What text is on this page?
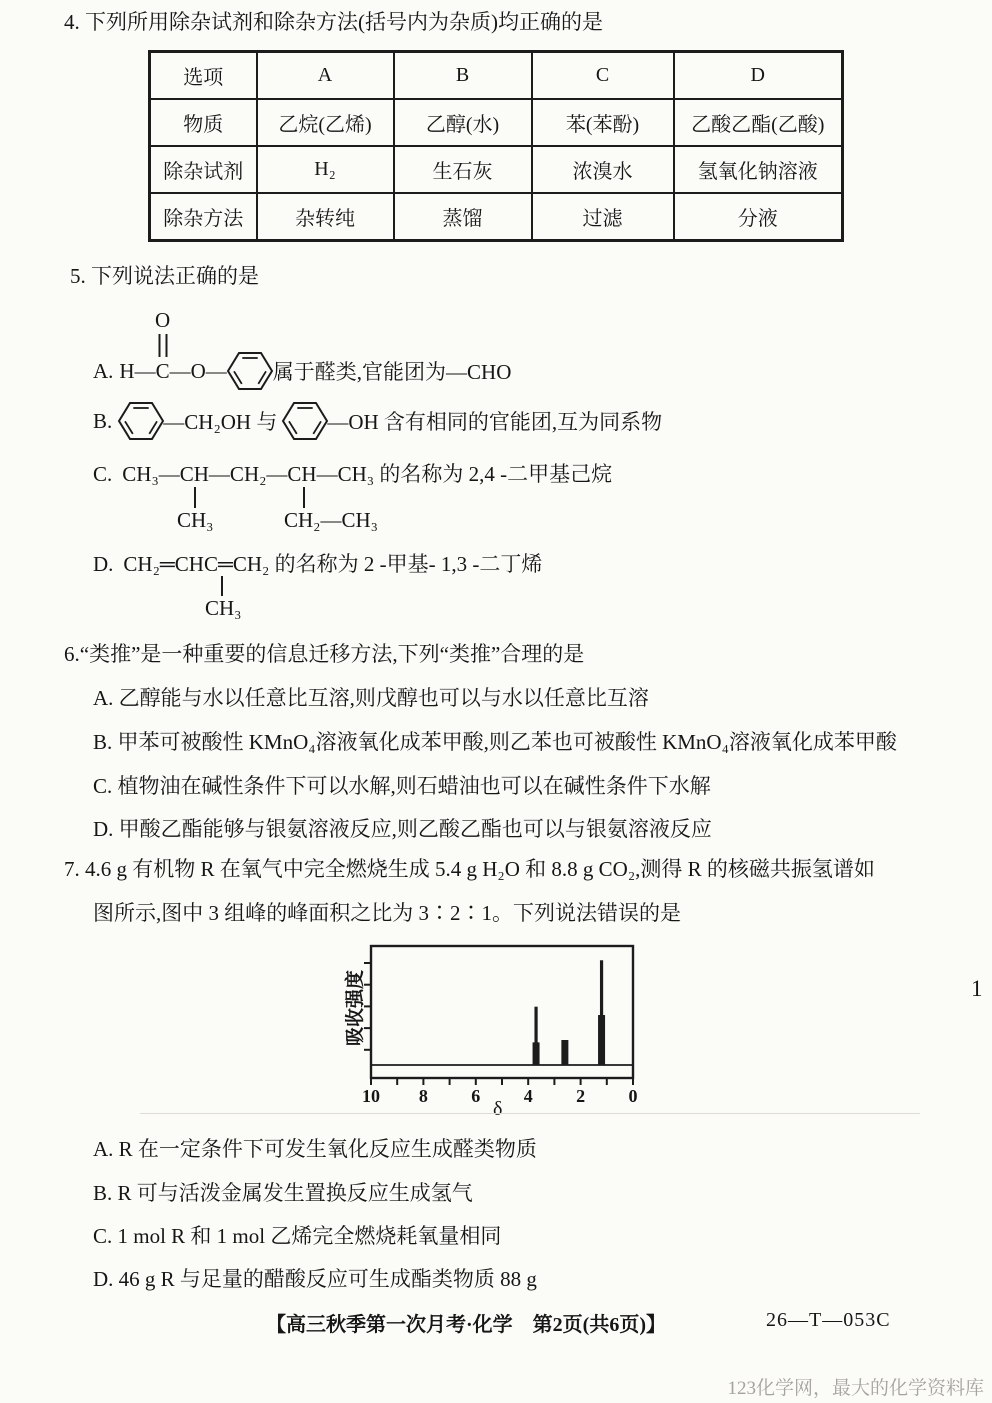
4. 下列所用除杂试剂和除杂方法(括号内为杂质)均正确的是
选项	A	B	C	D
物质	乙烷(乙烯)	乙醇(水)	苯(苯酚)	乙酸乙酯(乙酸)
除杂试剂	H₂	生石灰	浓溴水	氢氧化钠溶液
除杂方法	杂转纯	蒸馏	过滤	分液
5. 下列说法正确的是
A. H— C
O
—O— 属于醛类,官能团为—CHO
B. —CH₂OH 与 —OH 含有相同的官能团,互为同系物
C. CH₃—CH—CH₂—CH—CH₃ 的名称为 2,4 -二甲基己烷
CH₃	CH₂—CH₃
D. CH₂═CHC═CH₂ 的名称为 2 -甲基- 1,3 -二丁烯
CH₃
6.“类推”是一种重要的信息迁移方法,下列“类推”合理的是
A. 乙醇能与水以任意比互溶,则戊醇也可以与水以任意比互溶
B. 甲苯可被酸性 KMnO₄溶液氧化成苯甲酸,则乙苯也可被酸性 KMnO₄溶液氧化成苯甲酸
C. 植物油在碱性条件下可以水解,则石蜡油也可以在碱性条件下水解
D. 甲酸乙酯能够与银氨溶液反应,则乙酸乙酯也可以与银氨溶液反应
7. 4.6 g 有机物 R 在氧气中完全燃烧生成 5.4 g H₂O 和 8.8 g CO₂,测得 R 的核磁共振氢谱如
图所示,图中 3 组峰的峰面积之比为 3∶2∶1。下列说法错误的是
0
2
4
6
8
10
吸收强度
δ
A. R 在一定条件下可发生氧化反应生成醛类物质
B. R 可与活泼金属发生置换反应生成氢气
C. 1 mol R 和 1 mol 乙烯完全燃烧耗氧量相同
D. 46 g R 与足量的醋酸反应可生成酯类物质 88 g
1
【高三秋季第一次月考·化学　第2页(共6页)】	26—T—053C
123化学网，最大的化学资料库
